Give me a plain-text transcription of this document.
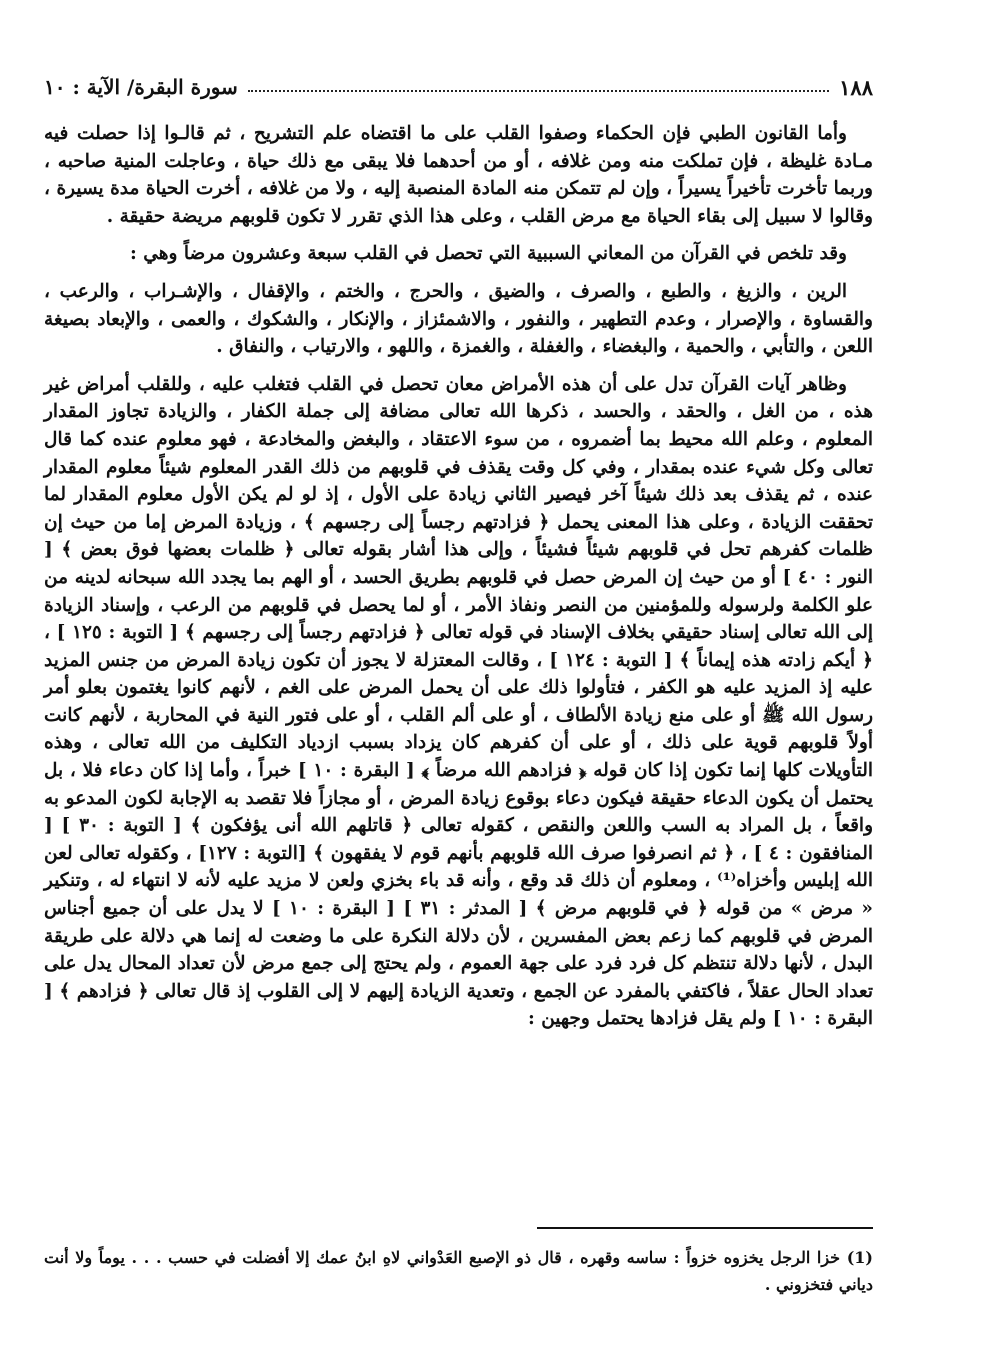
١٨٨
سورة البقرة/ الآية : ١٠

وأما القانون الطبي فإن الحكماء وصفوا القلب على ما اقتضاه علم التشريح ، ثم قالـوا إذا حصلت فيه مـادة غليظة ، فإن تملكت منه ومن غلافه ، أو من أحدهما فلا يبقى مع ذلك حياة ، وعاجلت المنية صاحبه ، وربما تأخرت تأخيراً يسيراً ، وإن لم تتمكن منه المادة المنصبة إليه ، ولا من غلافه ، أخرت الحياة مدة يسيرة ، وقالوا لا سبيل إلى بقاء الحياة مع مرض القلب ، وعلى هذا الذي تقرر لا تكون قلوبهم مريضة حقيقة .

وقد تلخص في القرآن من المعاني السببية التي تحصل في القلب سبعة وعشرون مرضاً وهي :

الرين ، والزيغ ، والطبع ، والصرف ، والضيق ، والحرج ، والختم ، والإقفال ، والإشـراب ، والرعب ، والقساوة ، والإصرار ، وعدم التطهير ، والنفور ، والاشمئزاز ، والإنكار ، والشكوك ، والعمى ، والإبعاد بصيغة اللعن ، والتأبي ، والحمية ، والبغضاء ، والغفلة ، والغمزة ، واللهو ، والارتياب ، والنفاق .

وظاهر آيات القرآن تدل على أن هذه الأمراض معان تحصل في القلب فتغلب عليه ، وللقلب أمراض غير هذه ، من الغل ، والحقد ، والحسد ، ذكرها الله تعالى مضافة إلى جملة الكفار ، والزيادة تجاوز المقدار المعلوم ، وعلم الله محيط بما أضمروه ، من سوء الاعتقاد ، والبغض والمخادعة ، فهو معلوم عنده كما قال تعالى وكل شيء عنده بمقدار ، وفي كل وقت يقذف في قلوبهم من ذلك القدر المعلوم شيئاً معلوم المقدار عنده ، ثم يقذف بعد ذلك شيئاً آخر فيصير الثاني زيادة على الأول ، إذ لو لم يكن الأول معلوم المقدار لما تحققت الزيادة ، وعلى هذا المعنى يحمل ﴿ فزادتهم رجساً إلى رجسهم ﴾ ، وزيادة المرض إما من حيث إن ظلمات كفرهم تحل في قلوبهم شيئاً فشيئاً ، وإلى هذا أشار بقوله تعالى ﴿ ظلمات بعضها فوق بعض ﴾ [ النور : ٤٠ ] أو من حيث إن المرض حصل في قلوبهم بطريق الحسد ، أو الهم بما يجدد الله سبحانه لدينه من علو الكلمة ولرسوله وللمؤمنين من النصر ونفاذ الأمر ، أو لما يحصل في قلوبهم من الرعب ، وإسناد الزيادة إلى الله تعالى إسناد حقيقي بخلاف الإسناد في قوله تعالى ﴿ فزادتهم رجساً إلى رجسهم ﴾ [ التوبة : ١٢٥ ] ، ﴿ أيكم زادته هذه إيماناً ﴾ [ التوبة : ١٢٤ ] ، وقالت المعتزلة لا يجوز أن تكون زيادة المرض من جنس المزيد عليه إذ المزيد عليه هو الكفر ، فتأولوا ذلك على أن يحمل المرض على الغم ، لأنهم كانوا يغتمون بعلو أمر رسول الله ﷺ أو على منع زيادة الألطاف ، أو على ألم القلب ، أو على فتور النية في المحاربة ، لأنهم كانت أولاً قلوبهم قوية على ذلك ، أو على أن كفرهم كان يزداد بسبب ازدياد التكليف من الله تعالى ، وهذه التأويلات كلها إنما تكون إذا كان قوله ﴿ فزادهم الله مرضاً ﴾ [ البقرة : ١٠ ] خبراً ، وأما إذا كان دعاء فلا ، بل يحتمل أن يكون الدعاء حقيقة فيكون دعاء بوقوع زيادة المرض ، أو مجازاً فلا تقصد به الإجابة لكون المدعو به واقعاً ، بل المراد به السب واللعن والنقص ، كقوله تعالى ﴿ قاتلهم الله أنى يؤفكون ﴾ [ التوبة : ٣٠ ] [ المنافقون : ٤ ] ، ﴿ ثم انصرفوا صرف الله قلوبهم بأنهم قوم لا يفقهون ﴾ [التوبة : ١٢٧] ، وكقوله تعالى لعن الله إبليس وأخزاه⁽¹⁾ ، ومعلوم أن ذلك قد وقع ، وأنه قد باء بخزي ولعن لا مزيد عليه لأنه لا انتهاء له ، وتنكير « مرض » من قوله ﴿ في قلوبهم مرض ﴾ [ المدثر : ٣١ ] [ البقرة : ١٠ ] لا يدل على أن جميع أجناس المرض في قلوبهم كما زعم بعض المفسرين ، لأن دلالة النكرة على ما وضعت له إنما هي دلالة على طريقة البدل ، لأنها دلالة تنتظم كل فرد فرد على جهة العموم ، ولم يحتج إلى جمع مرض لأن تعداد المحال يدل على تعداد الحال عقلاً ، فاكتفي بالمفرد عن الجمع ، وتعدية الزيادة إليهم لا إلى القلوب إذ قال تعالى ﴿ فزادهم ﴾ [ البقرة : ١٠ ] ولم يقل فزادها يحتمل وجهين :

(1) خزا الرجل يخزوه خزواً : ساسه وقهره ، قال ذو الإصبع العَدْواني لاهِ ابنُ عمك إلا أفضلت في حسب . . . يوماً ولا أنت دياني فتخزوني .
